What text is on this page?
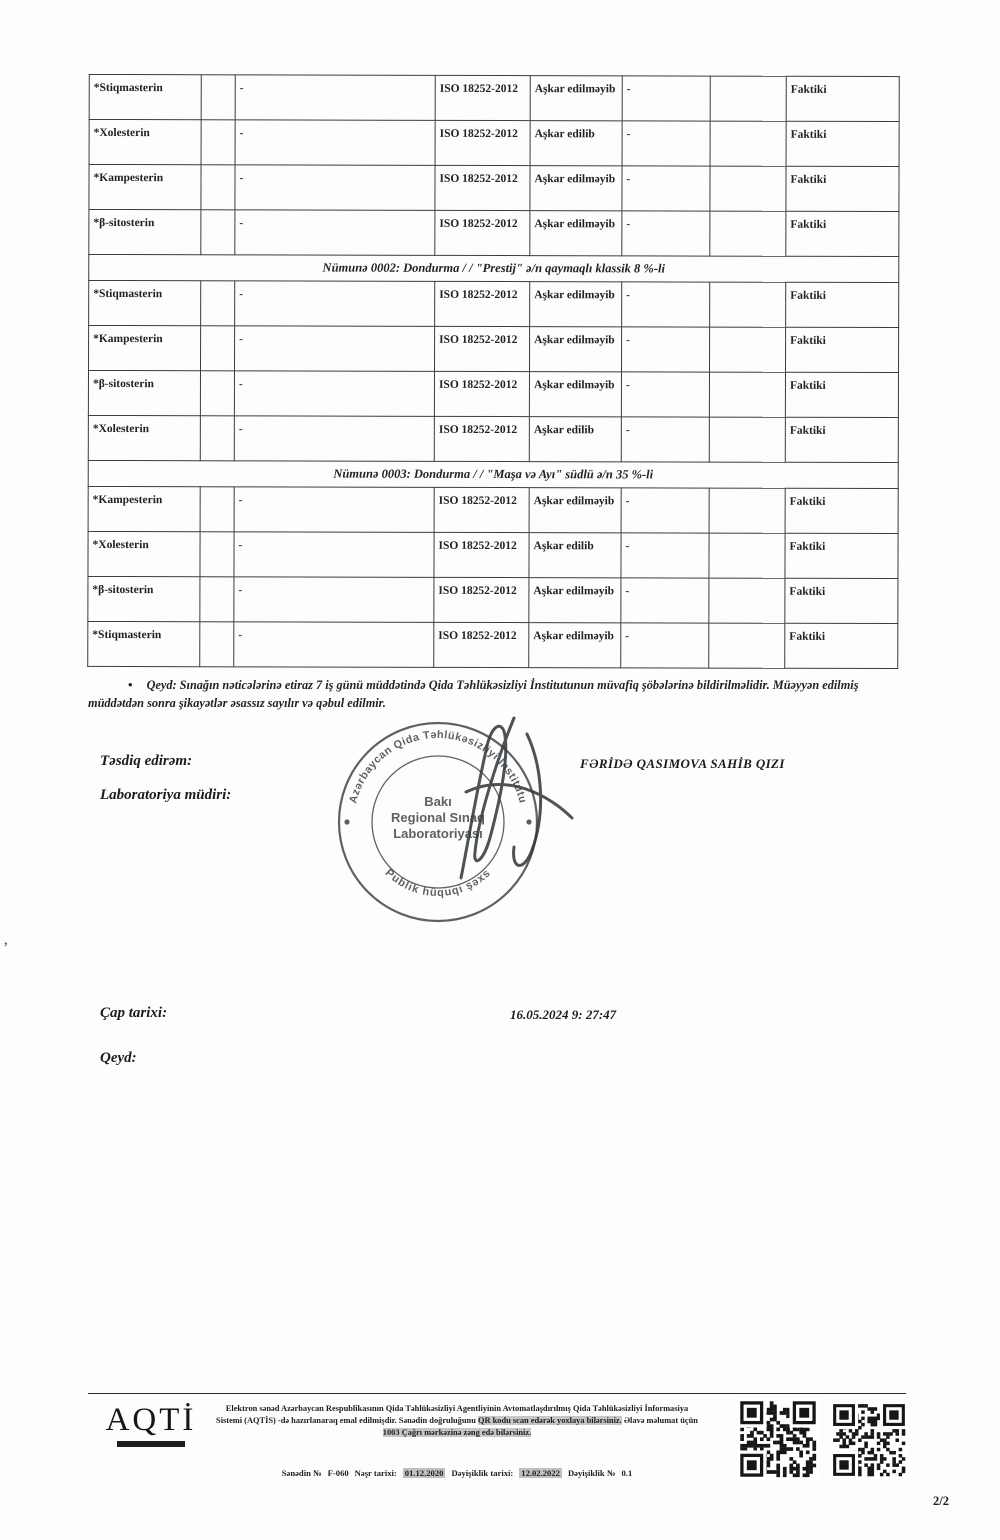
*Stiqmasterin		-	ISO 18252-2012	Aşkar edilməyib	-		Faktiki
*Xolesterin		-	ISO 18252-2012	Aşkar edilib	-		Faktiki
*Kampesterin		-	ISO 18252-2012	Aşkar edilməyib	-		Faktiki
*β-sitosterin		-	ISO 18252-2012	Aşkar edilməyib	-		Faktiki
Nümunə 0002: Dondurma / / "Prestij" ə/n qaymaqlı klassik 8 %-li							
*Stiqmasterin		-	ISO 18252-2012	Aşkar edilməyib	-		Faktiki
*Kampesterin		-	ISO 18252-2012	Aşkar edilməyib	-		Faktiki
*β-sitosterin		-	ISO 18252-2012	Aşkar edilməyib	-		Faktiki
*Xolesterin		-	ISO 18252-2012	Aşkar edilib	-		Faktiki
Nümunə 0003: Dondurma / / "Maşa və Ayı" südlü ə/n 35 %-li							
*Kampesterin		-	ISO 18252-2012	Aşkar edilməyib	-		Faktiki
*Xolesterin		-	ISO 18252-2012	Aşkar edilib	-		Faktiki
*β-sitosterin		-	ISO 18252-2012	Aşkar edilməyib	-		Faktiki
*Stiqmasterin		-	ISO 18252-2012	Aşkar edilməyib	-		Faktiki

• Qeyd: Sınağın nəticələrinə etiraz 7 iş günü müddətində Qida Təhlükəsizliyi İnstitutunun müvafiq şöbələrinə bildirilməlidir. Müəyyən edilmiş müddətdən sonra şikayətlər əsassız sayılır və qəbul edilmir.

Təsdiq edirəm:
Laboratoriya müdiri:
FƏRİDƏ QASIMOVA SAHİB QIZI
Azərbaycan Qida Təhlükəsizliyi İnstitutu
Publik hüquqi şəxs
Bakı
Regional Sınaq
Laboratoriyası
Çap tarixi:	16.05.2024 9: 27:47
Qeyd:
,
AQTİ	Elektron sənəd Azərbaycan Respublikasının Qida Təhlükəsizliyi Agentliyinin Avtomatlaşdırılmış Qida Təhlükəsizliyi İnformasiya Sistemi (AQTİS) -də hazırlanaraq emal edilmişdir. Sənədin doğruluğunu QR kodu scan edərək yoxlaya bilərsiniz. Əlavə məlumat üçün 1003 Çağrı mərkəzinə zəng edə bilərsiniz.
Sənədin № F-060 Nəşr tarixi: 01.12.2020 Dəyişiklik tarixi: 12.02.2022 Dəyişiklik № 0.1
2/2
